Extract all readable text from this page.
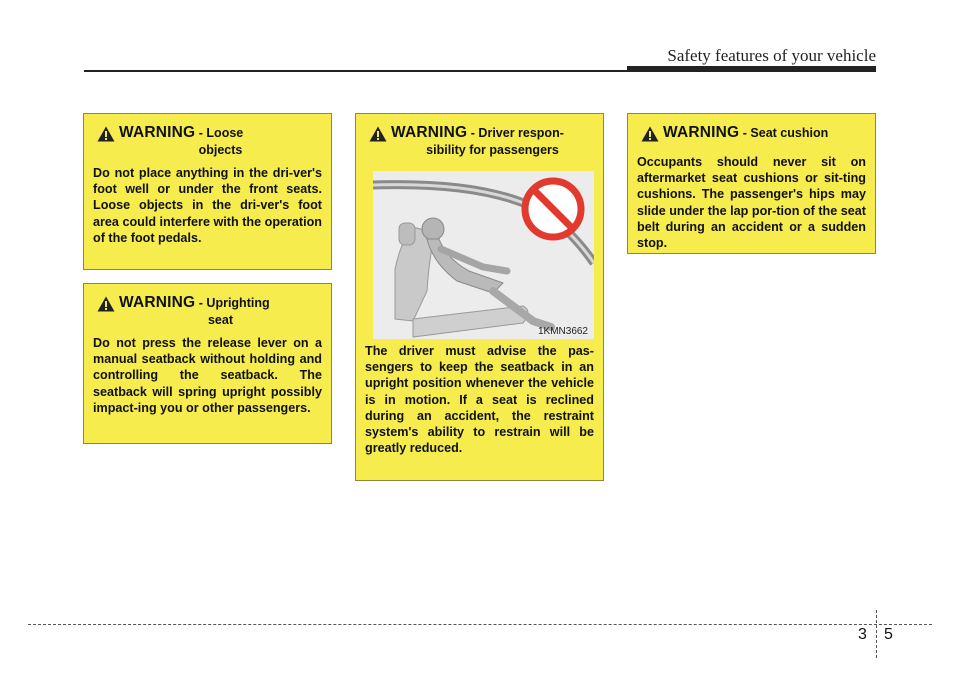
Safety features of your vehicle
WARNING - Loose
objects
Do not place anything in the dri-ver's foot well or under the front seats. Loose objects in the dri-ver's foot area could interfere with the operation of the foot pedals.
WARNING - Uprighting
seat
Do not press the release lever on a manual seatback without holding and controlling the seatback. The seatback will spring upright possibly impact-ing you or other passengers.
WARNING - Driver respon-
sibility for passengers
1KMN3662
The driver must advise the pas-sengers to keep the seatback in an upright position whenever the vehicle is in motion. If a seat is reclined during an accident, the restraint system's ability to restrain will be greatly reduced.
WARNING - Seat cushion
Occupants should never sit on aftermarket seat cushions or sit-ting cushions. The passenger's hips may slide under the lap por-tion of the seat belt during an accident or a sudden stop.
3 5
